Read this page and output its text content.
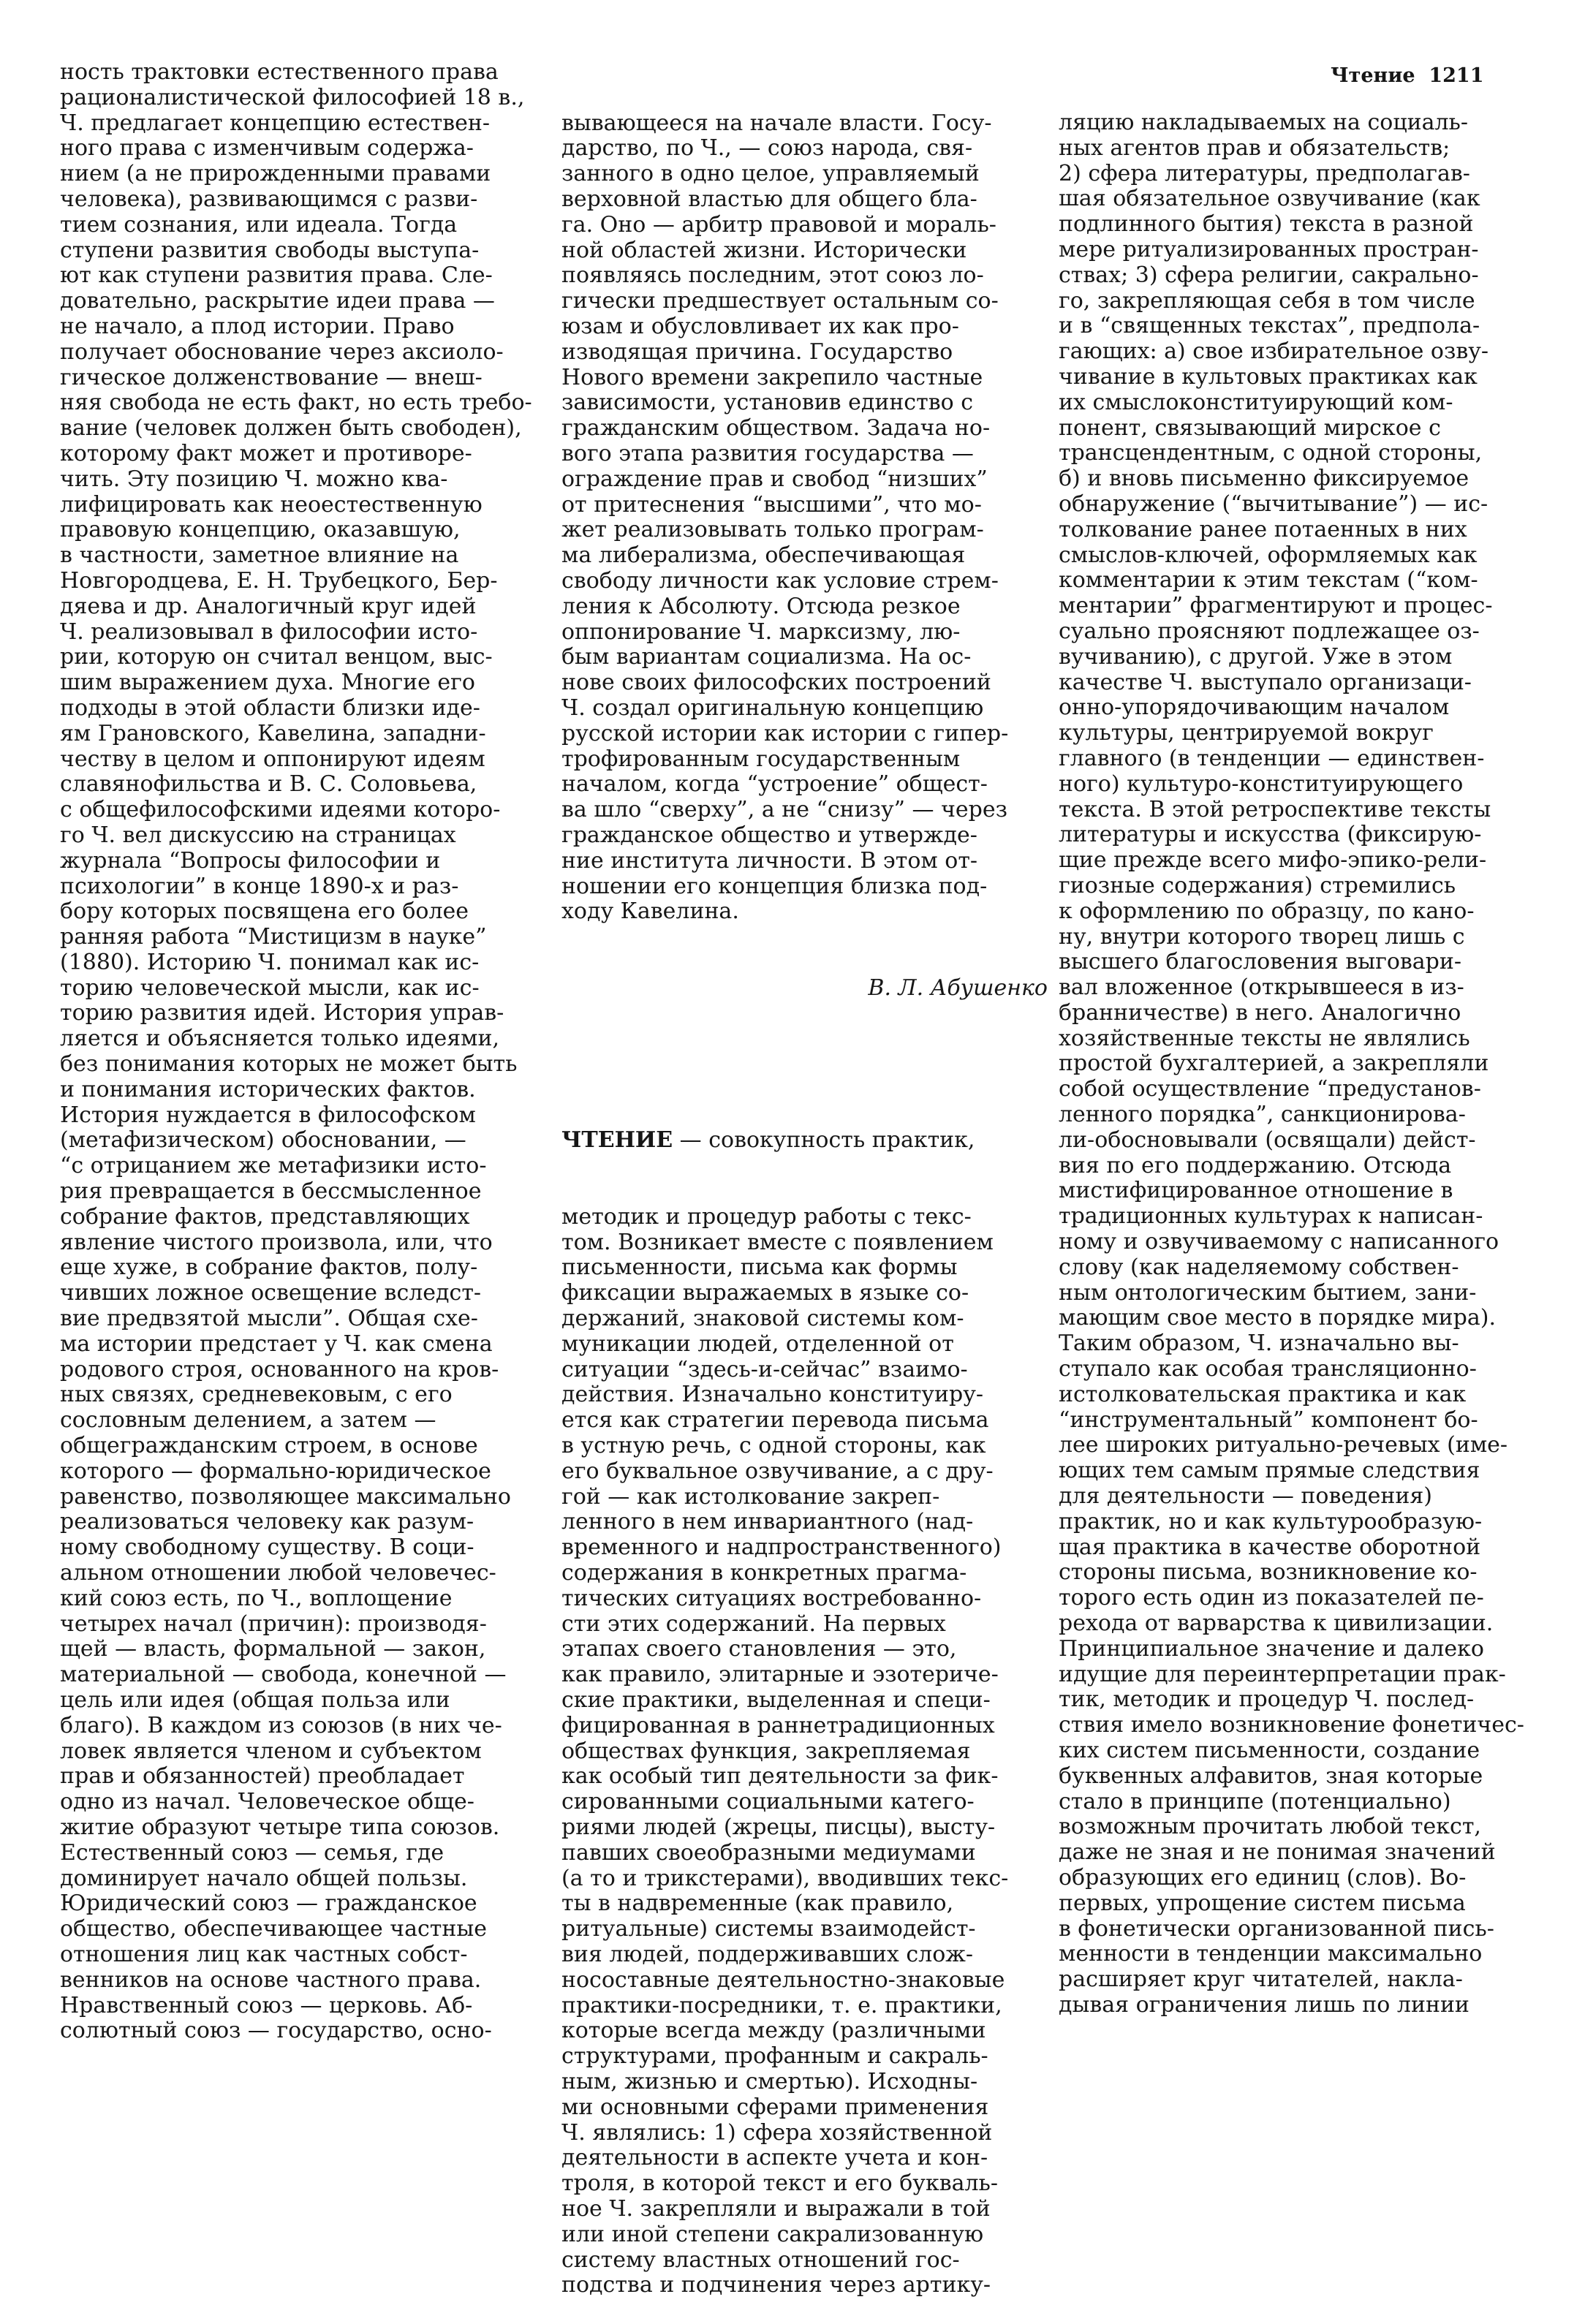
Чтение 1211
ность трактовки естественного права
рационалистической философией 18 в.,
Ч. предлагает концепцию естествен-
ного права с изменчивым содержа-
нием (а не прирожденными правами
человека), развивающимся с разви-
тием сознания, или идеала. Тогда
ступени развития свободы выступа-
ют как ступени развития права. Сле-
довательно, раскрытие идеи права —
не начало, а плод истории. Право
получает обоснование через аксиоло-
гическое долженствование — внеш-
няя свобода не есть факт, но есть требо-
вание (человек должен быть свободен),
которому факт может и противоре-
чить. Эту позицию Ч. можно ква-
лифицировать как неоестественную
правовую концепцию, оказавшую,
в частности, заметное влияние на
Новгородцева, Е. Н. Трубецкого, Бер-
дяева и др. Аналогичный круг идей
Ч. реализовывал в философии исто-
рии, которую он считал венцом, выс-
шим выражением духа. Многие его
подходы в этой области близки иде-
ям Грановского, Кавелина, западни-
честву в целом и оппонируют идеям
славянофильства и В. С. Соловьева,
с общефилософскими идеями которо-
го Ч. вел дискуссию на страницах
журнала “Вопросы философии и
психологии” в конце 1890-х и раз-
бору которых посвящена его более
ранняя работа “Мистицизм в науке”
(1880). Историю Ч. понимал как ис-
торию человеческой мысли, как ис-
торию развития идей. История управ-
ляется и объясняется только идеями,
без понимания которых не может быть
и понимания исторических фактов.
История нуждается в философском
(метафизическом) обосновании, —
“с отрицанием же метафизики исто-
рия превращается в бессмысленное
собрание фактов, представляющих
явление чистого произвола, или, что
еще хуже, в собрание фактов, полу-
чивших ложное освещение вследст-
вие предвзятой мысли”. Общая схе-
ма истории предстает у Ч. как смена
родового строя, основанного на кров-
ных связях, средневековым, с его
сословным делением, а затем —
общегражданским строем, в основе
которого — формально-юридическое
равенство, позволяющее максимально
реализоваться человеку как разум-
ному свободному существу. В соци-
альном отношении любой человечес-
кий союз есть, по Ч., воплощение
четырех начал (причин): производя-
щей — власть, формальной — закон,
материальной — свобода, конечной —
цель или идея (общая польза или
благо). В каждом из союзов (в них че-
ловек является членом и субъектом
прав и обязанностей) преобладает
одно из начал. Человеческое обще-
житие образуют четыре типа союзов.
Естественный союз — семья, где
доминирует начало общей пользы.
Юридический союз — гражданское
общество, обеспечивающее частные
отношения лиц как частных собст-
венников на основе частного права.
Нравственный союз — церковь. Аб-
солютный союз — государство, осно-

вывающееся на начале власти. Госу-
дарство, по Ч., — союз народа, свя-
занного в одно целое, управляемый
верховной властью для общего бла-
га. Оно — арбитр правовой и мораль-
ной областей жизни. Исторически
появляясь последним, этот союз ло-
гически предшествует остальным со-
юзам и обусловливает их как про-
изводящая причина. Государство
Нового времени закрепило частные
зависимости, установив единство с
гражданским обществом. Задача но-
вого этапа развития государства —
ограждение прав и свобод “низших”
от притеснения “высшими”, что мо-
жет реализовывать только програм-
ма либерализма, обеспечивающая
свободу личности как условие стрем-
ления к Абсолюту. Отсюда резкое
оппонирование Ч. марксизму, лю-
бым вариантам социализма. На ос-
нове своих философских построений
Ч. создал оригинальную концепцию
русской истории как истории с гипер-
трофированным государственным
началом, когда “устроение” общест-
ва шло “сверху”, а не “снизу” — через
гражданское общество и утвержде-
ние института личности. В этом от-
ношении его концепция близка под-
ходу Кавелина.

В. Л. Абушенко

ЧТЕНИЕ — совокупность практик,

методик и процедур работы с текс-
том. Возникает вместе с появлением
письменности, письма как формы
фиксации выражаемых в языке со-
держаний, знаковой системы ком-
муникации людей, отделенной от
ситуации “здесь-и-сейчас” взаимо-
действия. Изначально конституиру-
ется как стратегии перевода письма
в устную речь, с одной стороны, как
его буквальное озвучивание, а с дру-
гой — как истолкование закреп-
ленного в нем инвариантного (над-
временного и надпространственного)
содержания в конкретных прагма-
тических ситуациях востребованно-
сти этих содержаний. На первых
этапах своего становления — это,
как правило, элитарные и эзотериче-
ские практики, выделенная и специ-
фицированная в раннетрадиционных
обществах функция, закрепляемая
как особый тип деятельности за фик-
сированными социальными катего-
риями людей (жрецы, писцы), высту-
павших своеобразными медиумами
(а то и трикстерами), вводивших текс-
ты в надвременные (как правило,
ритуальные) системы взаимодейст-
вия людей, поддерживавших слож-
носоставные деятельностно-знаковые
практики-посредники, т. е. практики,
которые всегда между (различными
структурами, профанным и сакраль-
ным, жизнью и смертью). Исходны-
ми основными сферами применения
Ч. являлись: 1) сфера хозяйственной
деятельности в аспекте учета и кон-
троля, в которой текст и его букваль-
ное Ч. закрепляли и выражали в той
или иной степени сакрализованную
систему властных отношений гос-
подства и подчинения через артику-

ляцию накладываемых на социаль-
ных агентов прав и обязательств;
2) сфера литературы, предполагав-
шая обязательное озвучивание (как
подлинного бытия) текста в разной
мере ритуализированных простран-
ствах; 3) сфера религии, сакрально-
го, закрепляющая себя в том числе
и в “священных текстах”, предпола-
гающих: а) свое избирательное озву-
чивание в культовых практиках как
их смыслоконституирующий ком-
понент, связывающий мирское с
трансцендентным, с одной стороны,
б) и вновь письменно фиксируемое
обнаружение (“вычитывание”) — ис-
толкование ранее потаенных в них
смыслов-ключей, оформляемых как
комментарии к этим текстам (“ком-
ментарии” фрагментируют и процес-
суально проясняют подлежащее оз-
вучиванию), с другой. Уже в этом
качестве Ч. выступало организаци-
онно-упорядочивающим началом
культуры, центрируемой вокруг
главного (в тенденции — единствен-
ного) культуро-конституирующего
текста. В этой ретроспективе тексты
литературы и искусства (фиксирую-
щие прежде всего мифо-эпико-рели-
гиозные содержания) стремились
к оформлению по образцу, по кано-
ну, внутри которого творец лишь с
высшего благословения выговари-
вал вложенное (открывшееся в из-
бранничестве) в него. Аналогично
хозяйственные тексты не являлись
простой бухгалтерией, а закрепляли
собой осуществление “предустанов-
ленного порядка”, санкционирова-
ли-обосновывали (освящали) дейст-
вия по его поддержанию. Отсюда
мистифицированное отношение в
традиционных культурах к написан-
ному и озвучиваемому с написанного
слову (как наделяемому собствен-
ным онтологическим бытием, зани-
мающим свое место в порядке мира).
Таким образом, Ч. изначально вы-
ступало как особая трансляционно-
истолковательская практика и как
“инструментальный” компонент бо-
лее широких ритуально-речевых (име-
ющих тем самым прямые следствия
для деятельности — поведения)
практик, но и как культурообразую-
щая практика в качестве оборотной
стороны письма, возникновение ко-
торого есть один из показателей пе-
рехода от варварства к цивилизации.
Принципиальное значение и далеко
идущие для переинтерпретации прак-
тик, методик и процедур Ч. послед-
ствия имело возникновение фонетичес-
ких систем письменности, создание
буквенных алфавитов, зная которые
стало в принципе (потенциально)
возможным прочитать любой текст,
даже не зная и не понимая значений
образующих его единиц (слов). Во-
первых, упрощение систем письма
в фонетически организованной пись-
менности в тенденции максимально
расширяет круг читателей, накла-
дывая ограничения лишь по линии
